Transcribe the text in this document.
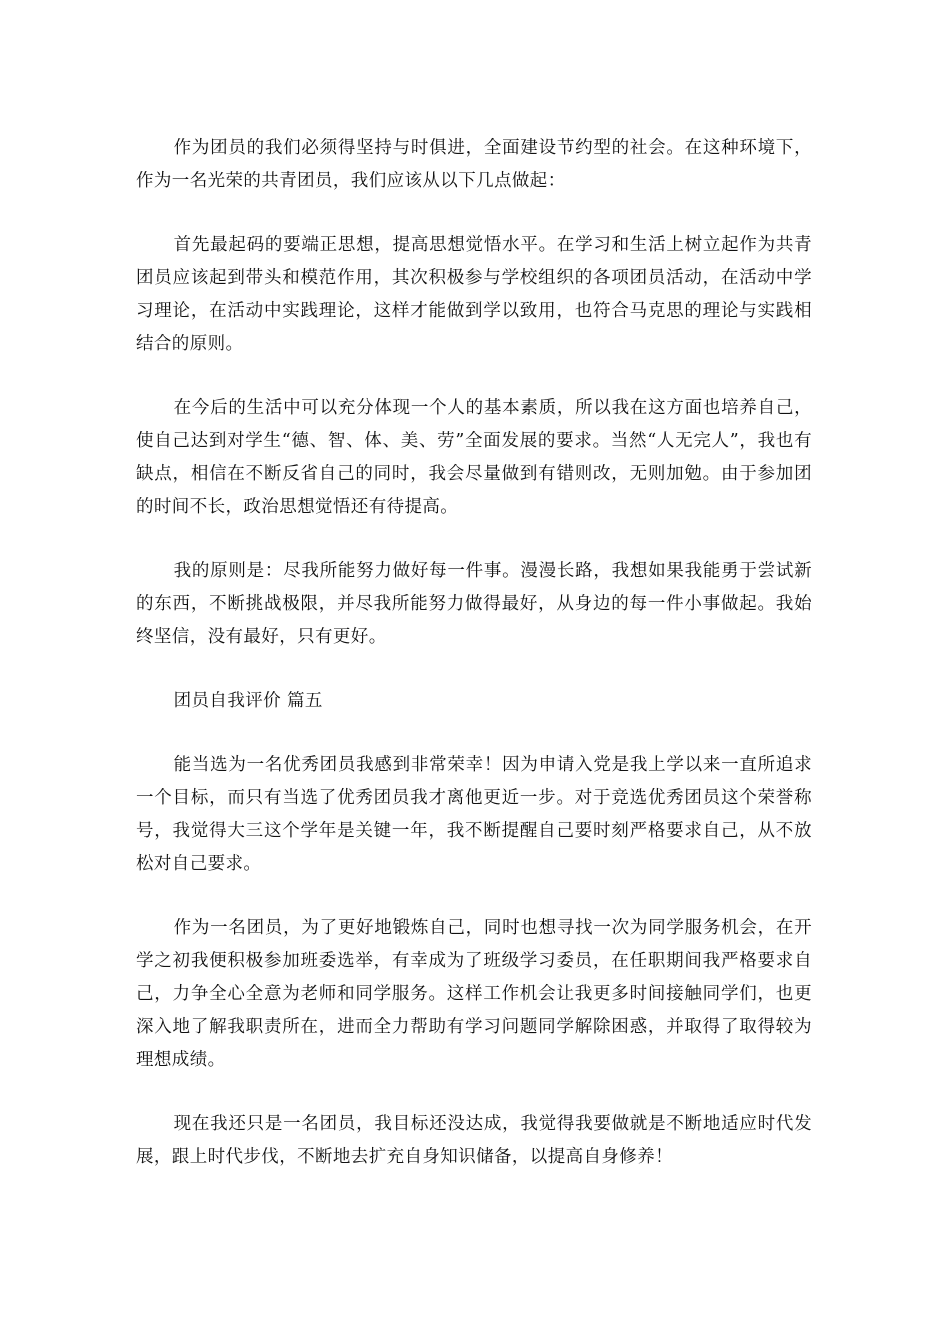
作为团员的我们必须得坚持与时俱进，全面建设节约型的社会。在这种环境下，作为一名光荣的共青团员，我们应该从以下几点做起：

首先最起码的要端正思想，提高思想觉悟水平。在学习和生活上树立起作为共青团员应该起到带头和模范作用，其次积极参与学校组织的各项团员活动，在活动中学习理论，在活动中实践理论，这样才能做到学以致用，也符合马克思的理论与实践相结合的原则。

在今后的生活中可以充分体现一个人的基本素质，所以我在这方面也培养自己，使自己达到对学生“德、智、体、美、劳”全面发展的要求。当然“人无完人”，我也有缺点，相信在不断反省自己的同时，我会尽量做到有错则改，无则加勉。由于参加团的时间不长，政治思想觉悟还有待提高。

我的原则是：尽我所能努力做好每一件事。漫漫长路，我想如果我能勇于尝试新的东西，不断挑战极限，并尽我所能努力做得最好，从身边的每一件小事做起。我始终坚信，没有最好，只有更好。

团员自我评价 篇五

能当选为一名优秀团员我感到非常荣幸！因为申请入党是我上学以来一直所追求一个目标，而只有当选了优秀团员我才离他更近一步。对于竞选优秀团员这个荣誉称号，我觉得大三这个学年是关键一年，我不断提醒自己要时刻严格要求自己，从不放松对自己要求。

作为一名团员，为了更好地锻炼自己，同时也想寻找一次为同学服务机会，在开学之初我便积极参加班委选举，有幸成为了班级学习委员，在任职期间我严格要求自己，力争全心全意为老师和同学服务。这样工作机会让我更多时间接触同学们，也更深入地了解我职责所在，进而全力帮助有学习问题同学解除困惑，并取得了取得较为理想成绩。

现在我还只是一名团员，我目标还没达成，我觉得我要做就是不断地适应时代发展，跟上时代步伐，不断地去扩充自身知识储备，以提高自身修养！
